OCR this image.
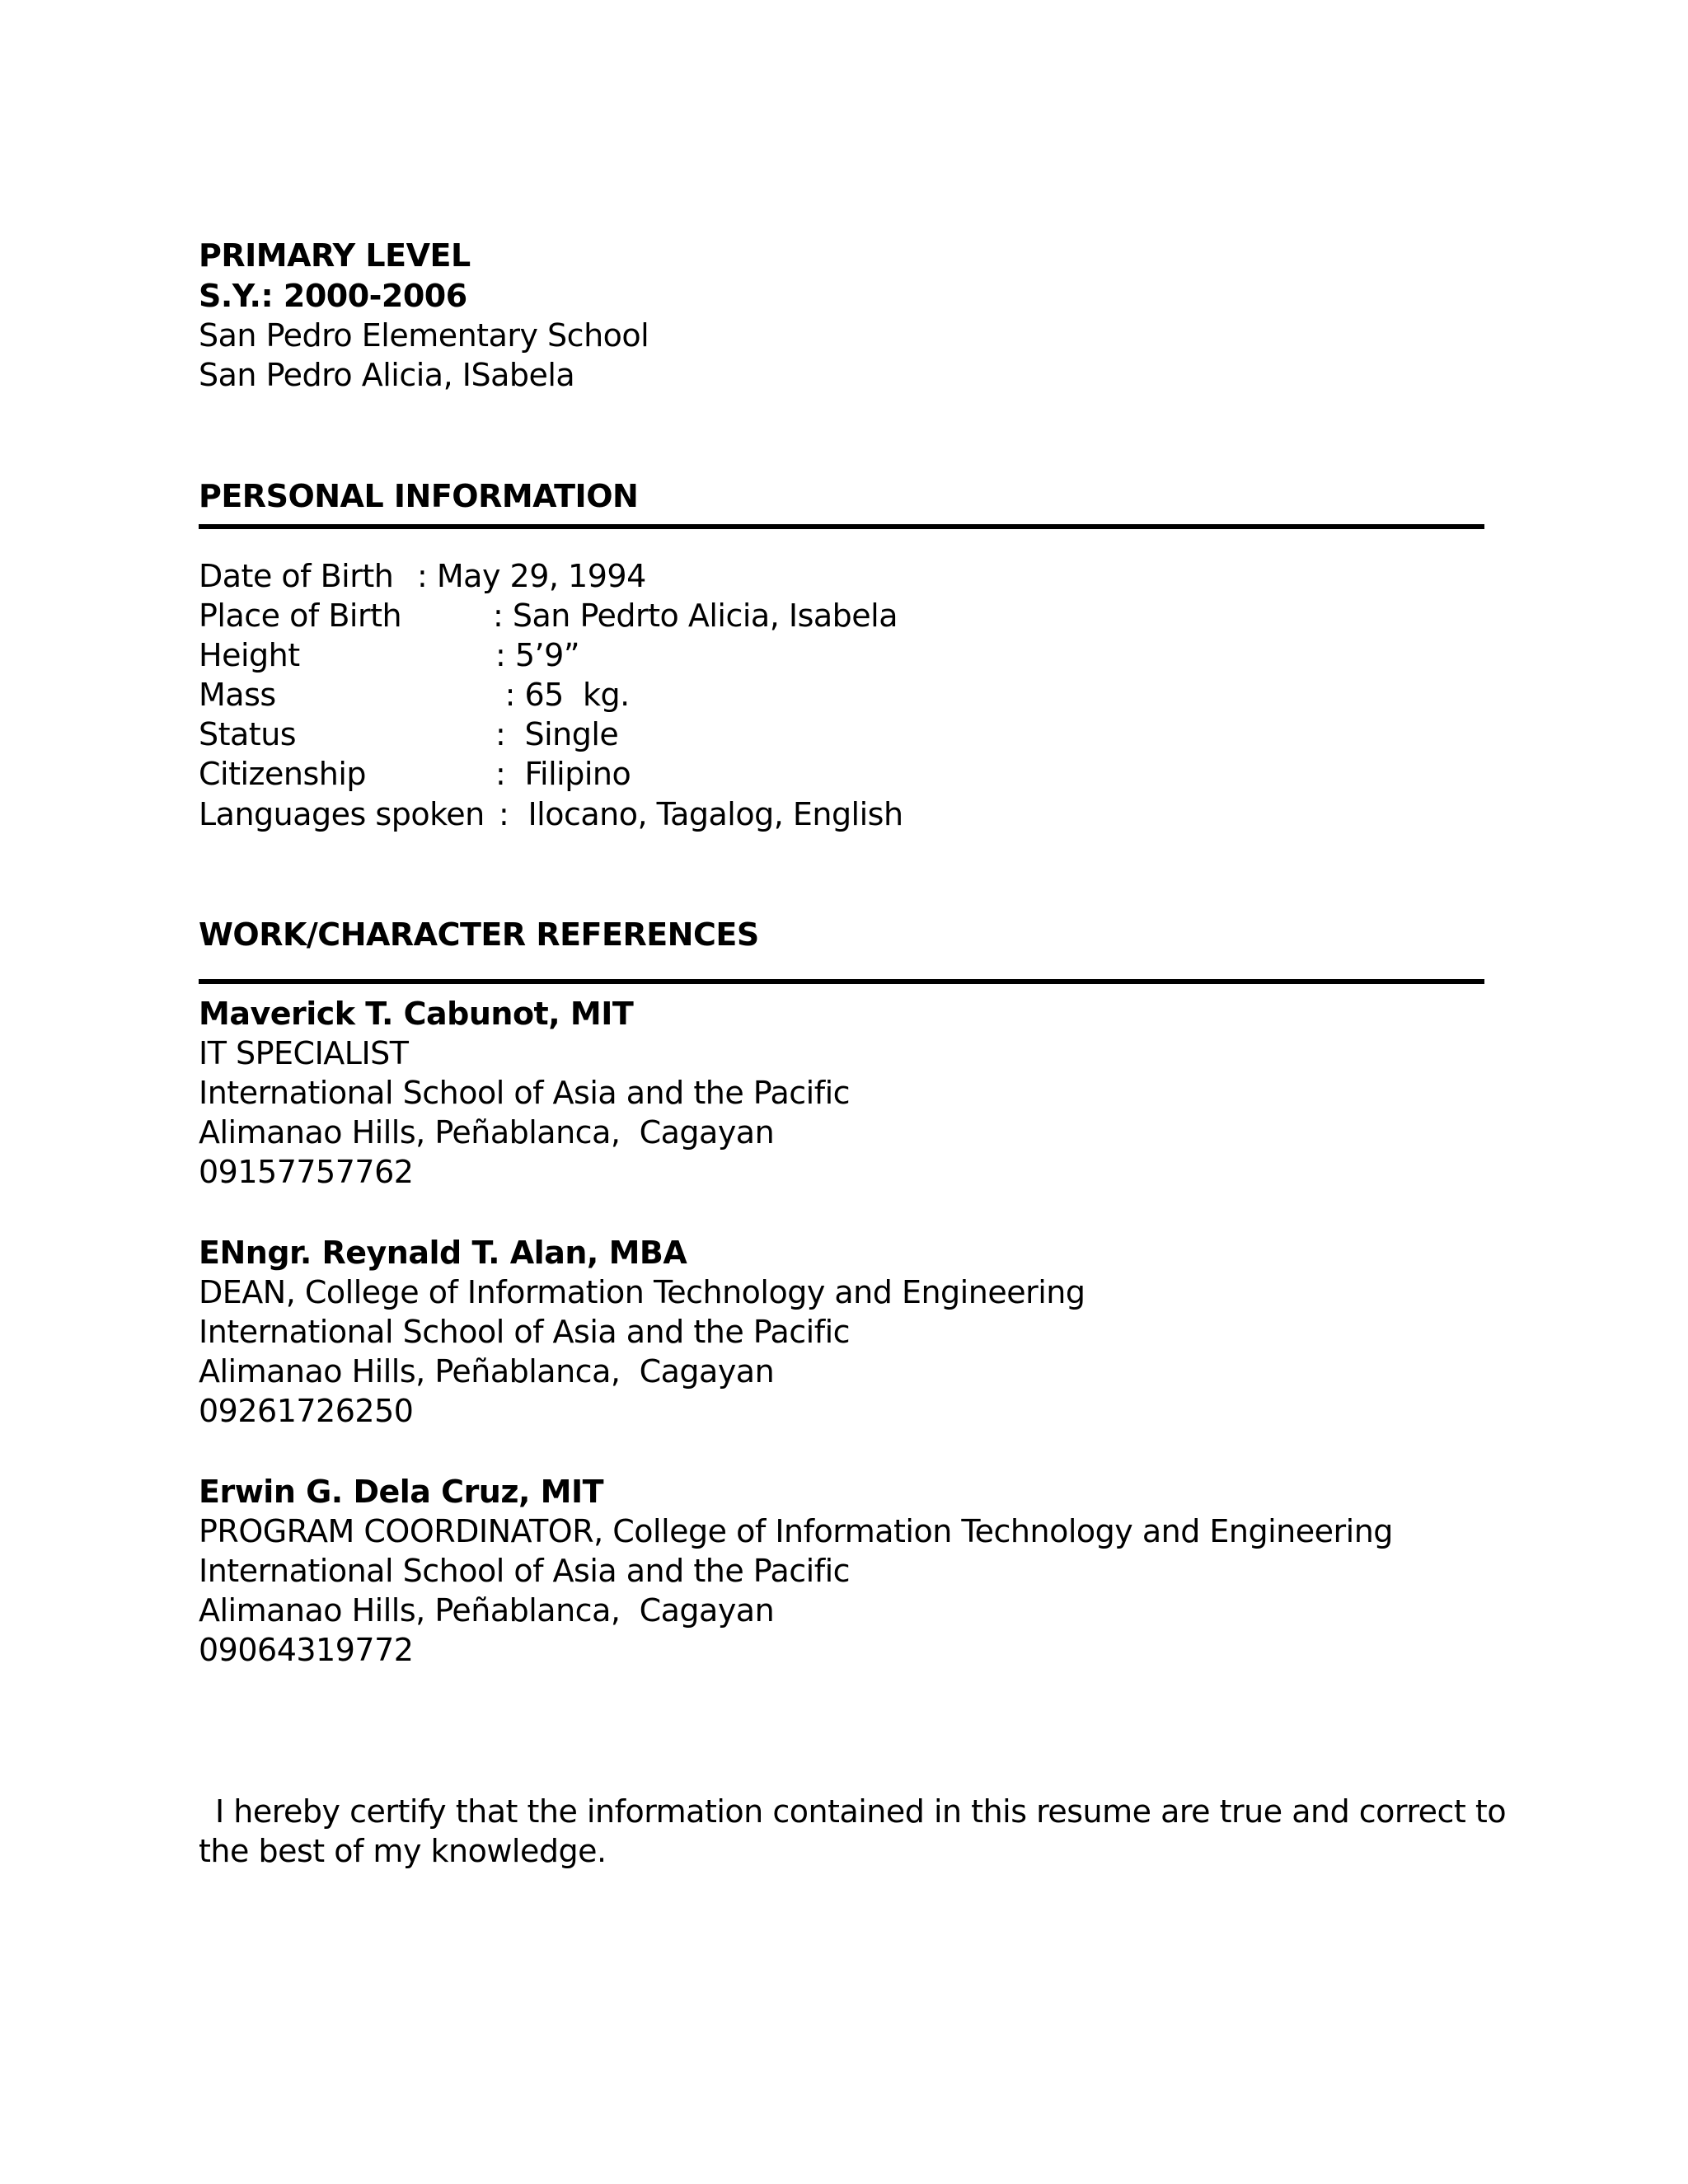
PRIMARY LEVEL
S.Y.: 2000-2006
San Pedro Elementary School
San Pedro Alicia, ISabela
PERSONAL INFORMATION
Date of Birth : May 29, 1994
Place of Birth	: San Pedrto Alicia, Isabela
Height	: 5’9”
Mass	: 65  kg.
Status	:  Single
Citizenship	:  Filipino
Languages spoken :  Ilocano, Tagalog, English
WORK/CHARACTER REFERENCES
Maverick T. Cabunot, MIT
IT SPECIALIST
International School of Asia and the Pacific
Alimanao Hills, Peñablanca,  Cagayan
09157757762
ENngr. Reynald T. Alan, MBA
DEAN, College of Information Technology and Engineering
International School of Asia and the Pacific
Alimanao Hills, Peñablanca,  Cagayan
09261726250
Erwin G. Dela Cruz, MIT
PROGRAM COORDINATOR, College of Information Technology and Engineering
International School of Asia and the Pacific
Alimanao Hills, Peñablanca,  Cagayan
09064319772
I hereby certify that the information contained in this resume are true and correct to
the best of my knowledge.
